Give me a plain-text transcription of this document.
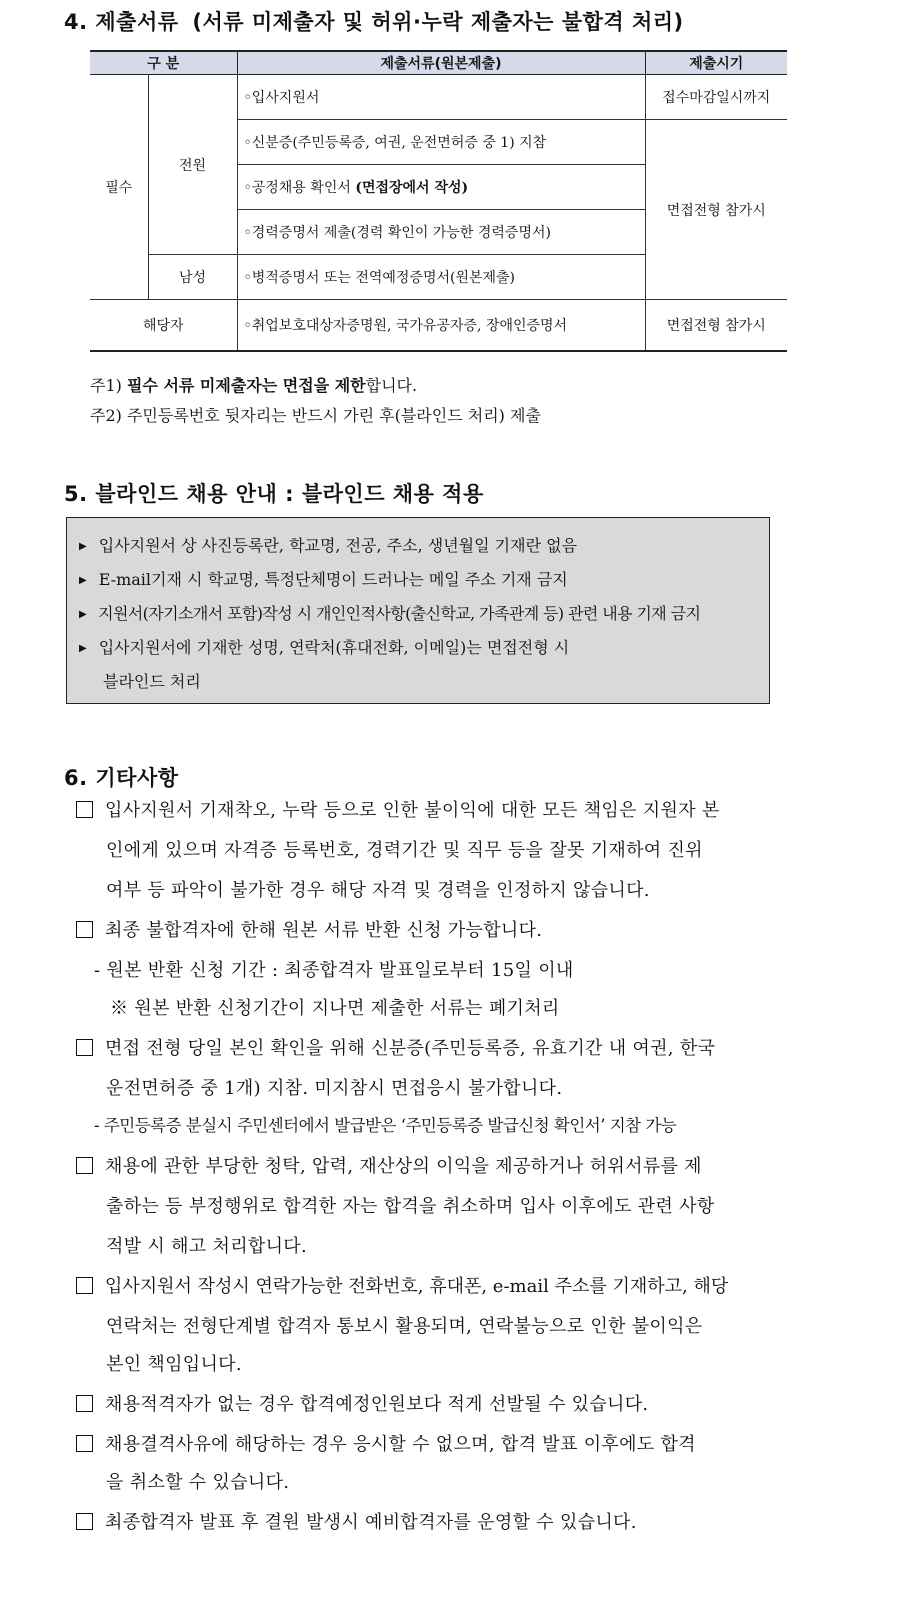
4. 제출서류 (서류 미제출자 및 허위·누락 제출자는 불합격 처리)
구 분		제출서류(원본제출)	제출시기
필수	전원	◦입사지원서	접수마감일시까지
		◦신분증(주민등록증, 여권, 운전면허증 중 1) 지참	면접전형 참가시
		◦공정채용 확인서 (면접장에서 작성)	
		◦경력증명서 제출(경력 확인이 가능한 경력증명서)	
	남성	◦병적증명서 또는 전역예정증명서(원본제출)	
해당자		◦취업보호대상자증명원, 국가유공자증, 장애인증명서	면접전형 참가시
주1) 필수 서류 미제출자는 면접을 제한합니다.
주2) 주민등록번호 뒷자리는 반드시 가린 후(블라인드 처리) 제출
5. 블라인드 채용 안내 : 블라인드 채용 적용
▶ 입사지원서 상 사진등록란, 학교명, 전공, 주소, 생년월일 기재란 없음
▶ E-mail기재 시 학교명, 특정단체명이 드러나는 메일 주소 기재 금지
▶ 지원서(자기소개서 포함)작성 시 개인인적사항(출신학교, 가족관계 등) 관련 내용 기재 금지
▶ 입사지원서에 기재한 성명, 연락처(휴대전화, 이메일)는 면접전형 시
블라인드 처리
6. 기타사항
입사지원서 기재착오, 누락 등으로 인한 불이익에 대한 모든 책임은 지원자 본
인에게 있으며 자격증 등록번호, 경력기간 및 직무 등을 잘못 기재하여 진위
여부 등 파악이 불가한 경우 해당 자격 및 경력을 인정하지 않습니다.
최종 불합격자에 한해 원본 서류 반환 신청 가능합니다.
- 원본 반환 신청 기간 : 최종합격자 발표일로부터 15일 이내
※ 원본 반환 신청기간이 지나면 제출한 서류는 폐기처리
면접 전형 당일 본인 확인을 위해 신분증(주민등록증, 유효기간 내 여권, 한국
운전면허증 중 1개) 지참. 미지참시 면접응시 불가합니다.
- 주민등록증 분실시 주민센터에서 발급받은 ‘주민등록증 발급신청 확인서’ 지참 가능
채용에 관한 부당한 청탁, 압력, 재산상의 이익을 제공하거나 허위서류를 제
출하는 등 부정행위로 합격한 자는 합격을 취소하며 입사 이후에도 관련 사항
적발 시 해고 처리합니다.
입사지원서 작성시 연락가능한 전화번호, 휴대폰, e-mail 주소를 기재하고, 해당
연락처는 전형단계별 합격자 통보시 활용되며, 연락불능으로 인한 불이익은
본인 책임입니다.
채용적격자가 없는 경우 합격예정인원보다 적게 선발될 수 있습니다.
채용결격사유에 해당하는 경우 응시할 수 없으며, 합격 발표 이후에도 합격
을 취소할 수 있습니다.
최종합격자 발표 후 결원 발생시 예비합격자를 운영할 수 있습니다.
